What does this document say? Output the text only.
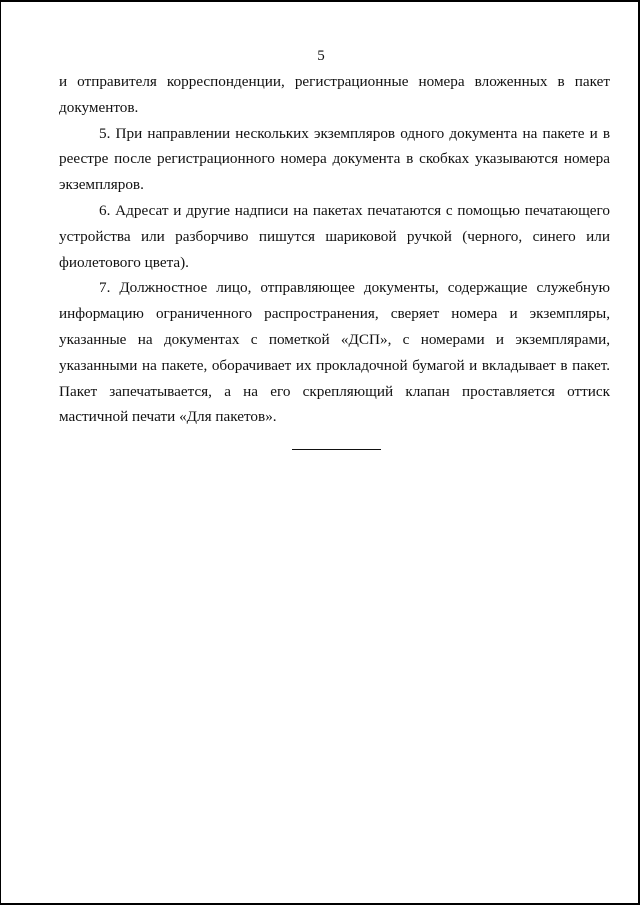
5

и отправителя корреспонденции, регистрационные номера вложенных в пакет документов.

5. При направлении нескольких экземпляров одного документа на пакете и в реестре после регистрационного номера документа в скобках указываются номера экземпляров.

6. Адресат и другие надписи на пакетах печатаются с помощью печатающего устройства или разборчиво пишутся шариковой ручкой (черного, синего или фиолетового цвета).

7. Должностное лицо, отправляющее документы, содержащие служебную информацию ограниченного распространения, сверяет номера и экземпляры, указанные на документах с пометкой «ДСП», с номерами и экземплярами, указанными на пакете, оборачивает их прокладочной бумагой и вкладывает в пакет. Пакет запечатывается, а на его скрепляющий клапан проставляется оттиск мастичной печати «Для пакетов».
